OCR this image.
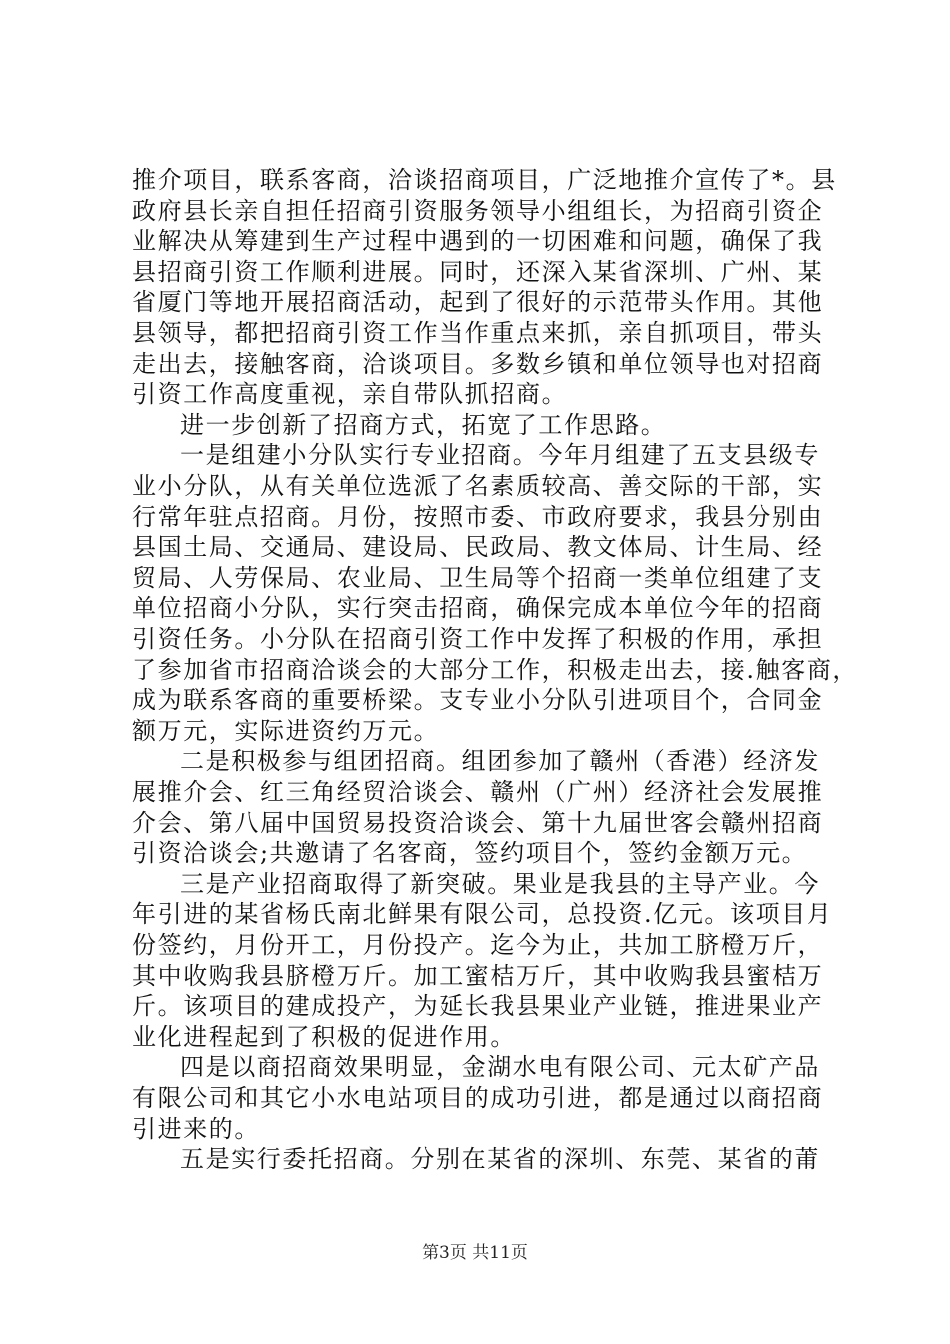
推介项目，联系客商，洽谈招商项目，广泛地推介宣传了*。县
政府县长亲自担任招商引资服务领导小组组长，为招商引资企
业解决从筹建到生产过程中遇到的一切困难和问题，确保了我
县招商引资工作顺利进展。同时，还深入某省深圳、广州、某
省厦门等地开展招商活动，起到了很好的示范带头作用。其他
县领导，都把招商引资工作当作重点来抓，亲自抓项目，带头
走出去，接触客商，洽谈项目。多数乡镇和单位领导也对招商
引资工作高度重视，亲自带队抓招商。
进一步创新了招商方式，拓宽了工作思路。
一是组建小分队实行专业招商。今年月组建了五支县级专
业小分队，从有关单位选派了名素质较高、善交际的干部，实
行常年驻点招商。月份，按照市委、市政府要求，我县分别由
县国土局、交通局、建设局、民政局、教文体局、计生局、经
贸局、人劳保局、农业局、卫生局等个招商一类单位组建了支
单位招商小分队，实行突击招商，确保完成本单位今年的招商
引资任务。小分队在招商引资工作中发挥了积极的作用，承担
了参加省市招商洽谈会的大部分工作，积极走出去，接.触客商，
成为联系客商的重要桥梁。支专业小分队引进项目个，合同金
额万元，实际进资约万元。
二是积极参与组团招商。组团参加了赣州（香港）经济发
展推介会、红三角经贸洽谈会、赣州（广州）经济社会发展推
介会、第八届中国贸易投资洽谈会、第十九届世客会赣州招商
引资洽谈会;共邀请了名客商，签约项目个，签约金额万元。
三是产业招商取得了新突破。果业是我县的主导产业。今
年引进的某省杨氏南北鲜果有限公司，总投资.亿元。该项目月
份签约，月份开工，月份投产。迄今为止，共加工脐橙万斤，
其中收购我县脐橙万斤。加工蜜桔万斤，其中收购我县蜜桔万
斤。该项目的建成投产，为延长我县果业产业链，推进果业产
业化进程起到了积极的促进作用。
四是以商招商效果明显，金湖水电有限公司、元太矿产品
有限公司和其它小水电站项目的成功引进，都是通过以商招商
引进来的。
五是实行委托招商。分别在某省的深圳、东莞、某省的莆
第3页 共11页
